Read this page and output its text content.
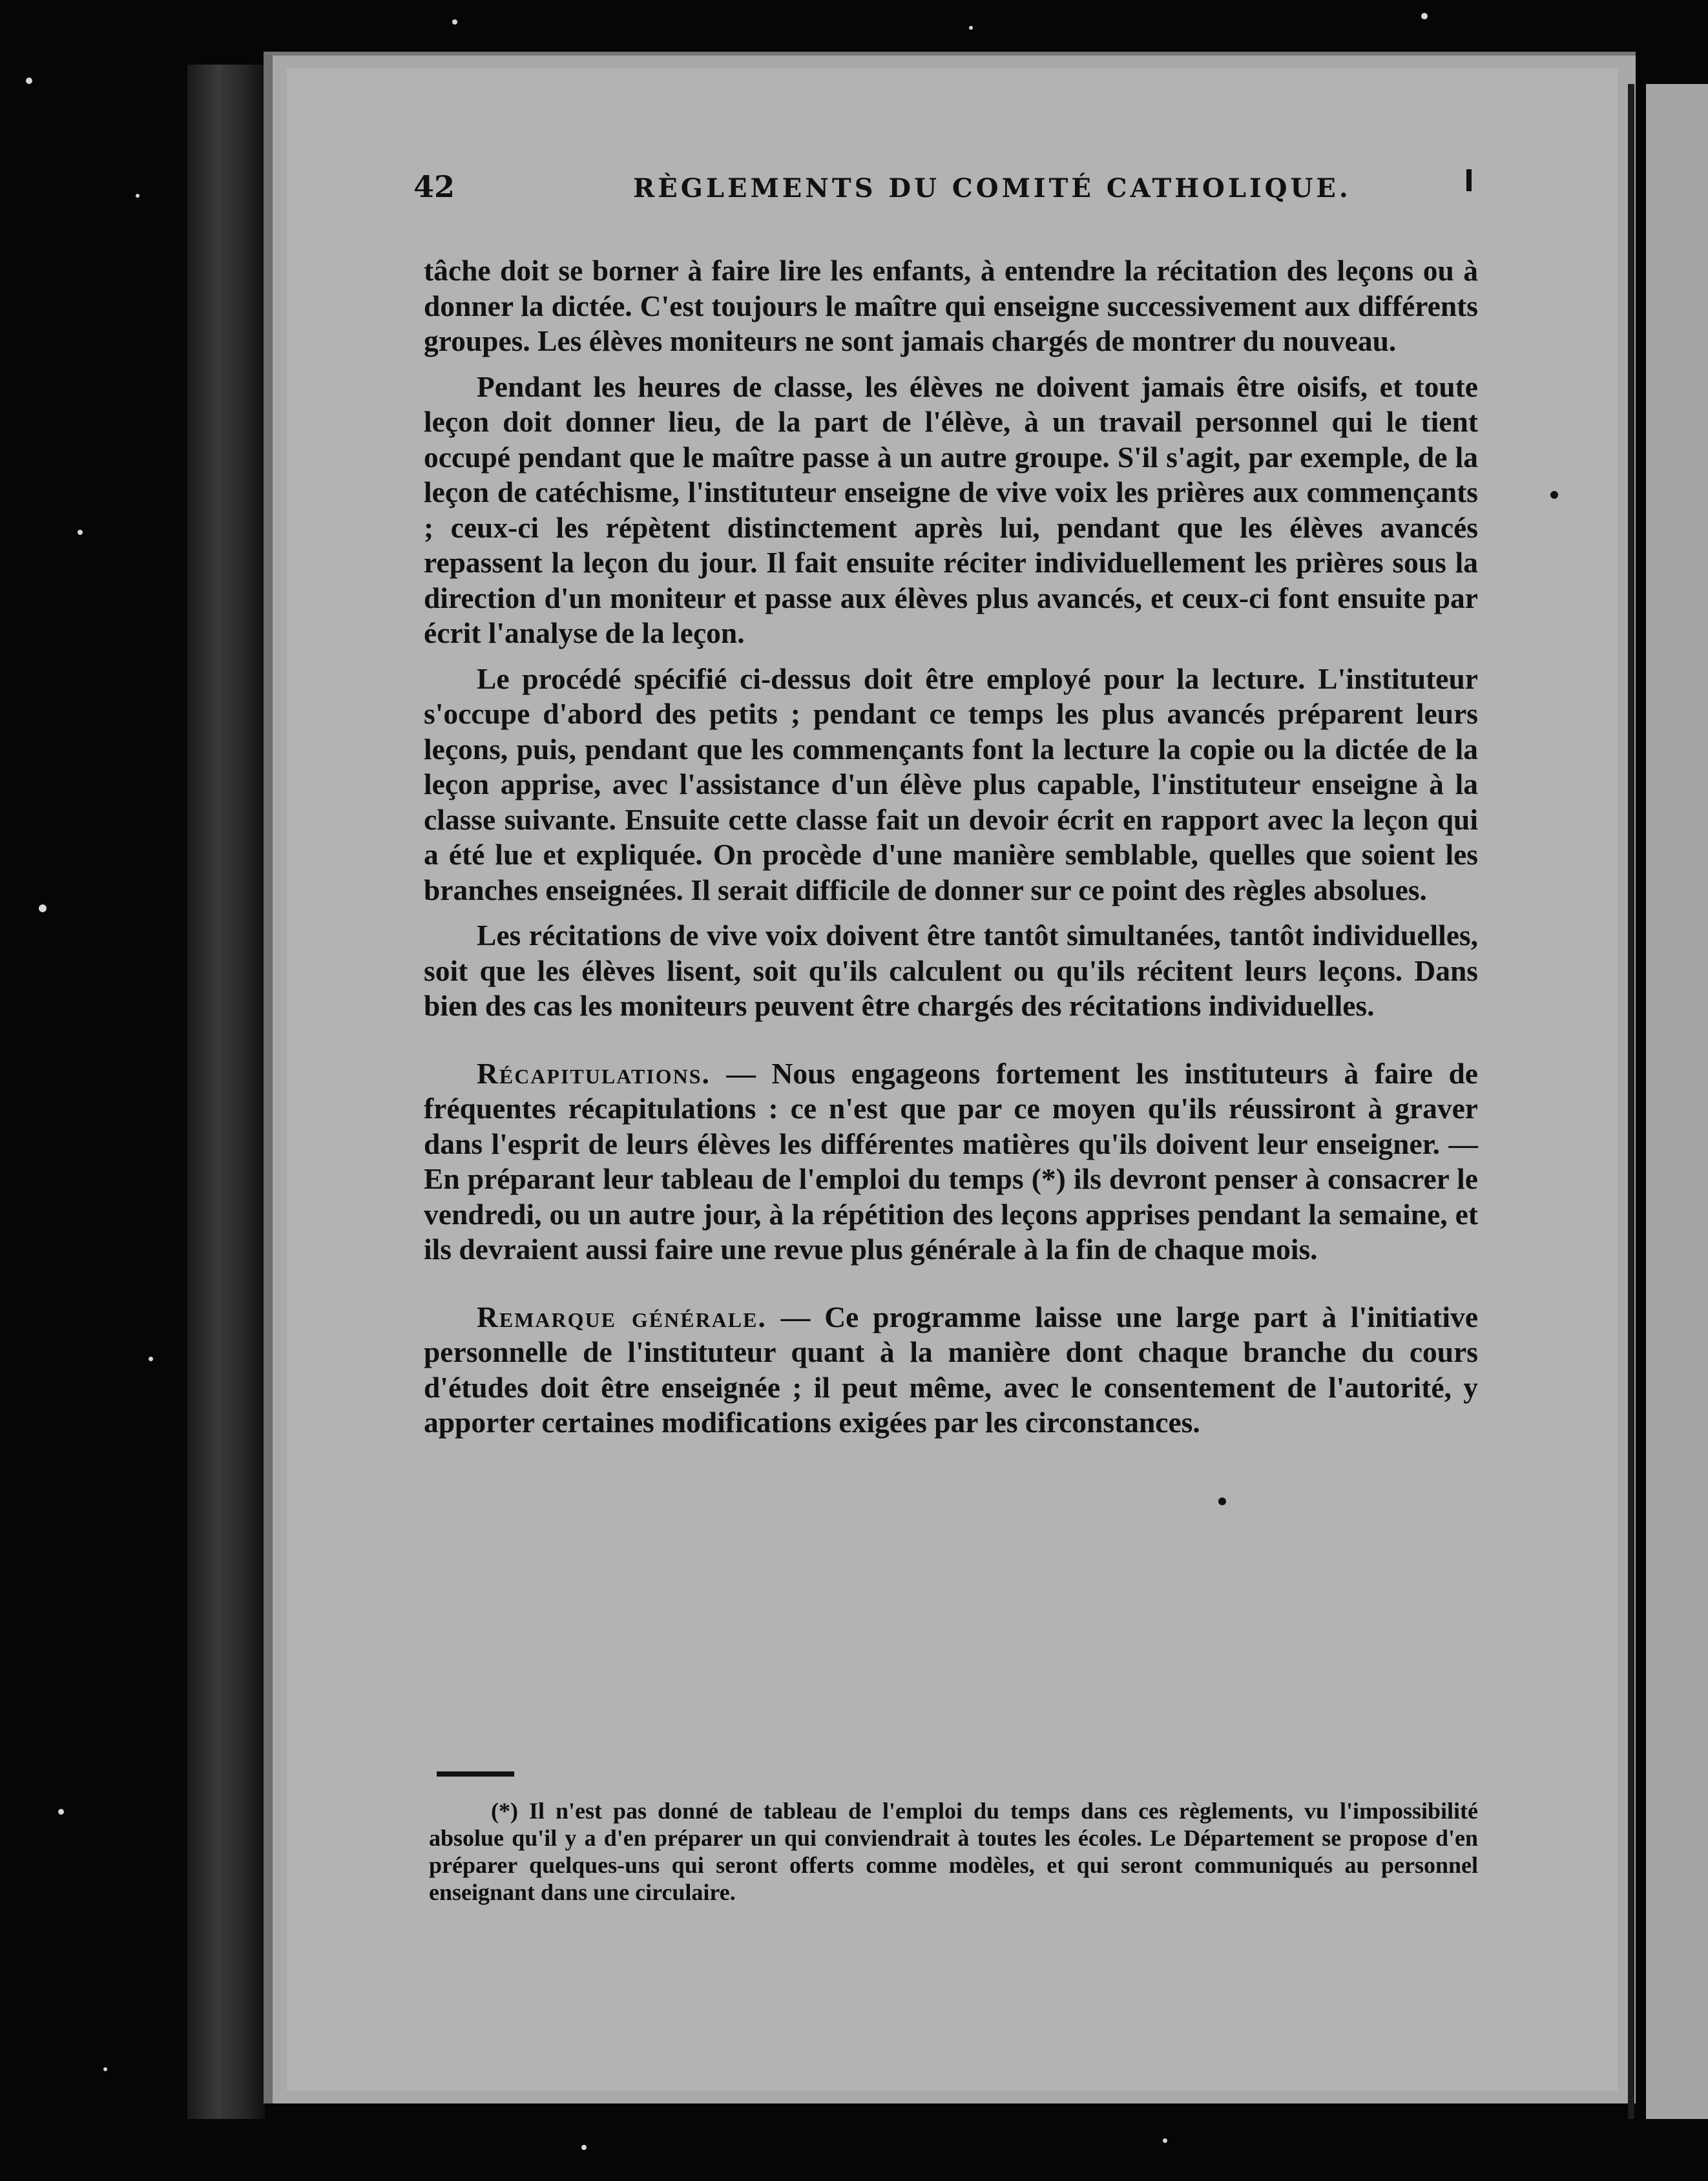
42	RÈGLEMENTS DU COMITÉ CATHOLIQUE.

tâche doit se borner à faire lire les enfants, à entendre la récitation des leçons ou à donner la dictée. C'est toujours le maître qui enseigne successivement aux différents groupes. Les élèves moniteurs ne sont jamais chargés de montrer du nouveau.

Pendant les heures de classe, les élèves ne doivent jamais être oisifs, et toute leçon doit donner lieu, de la part de l'élève, à un travail personnel qui le tient occupé pendant que le maître passe à un autre groupe. S'il s'agit, par exemple, de la leçon de catéchisme, l'instituteur enseigne de vive voix les prières aux commençants ; ceux-ci les répètent distinctement après lui, pendant que les élèves avancés repassent la leçon du jour. Il fait ensuite réciter individuellement les prières sous la direction d'un moniteur et passe aux élèves plus avancés, et ceux-ci font ensuite par écrit l'analyse de la leçon.

Le procédé spécifié ci-dessus doit être employé pour la lecture. L'instituteur s'occupe d'abord des petits ; pendant ce temps les plus avancés préparent leurs leçons, puis, pendant que les commençants font la lecture la copie ou la dictée de la leçon apprise, avec l'assistance d'un élève plus capable, l'instituteur enseigne à la classe suivante. Ensuite cette classe fait un devoir écrit en rapport avec la leçon qui a été lue et expliquée. On procède d'une manière semblable, quelles que soient les branches enseignées. Il serait difficile de donner sur ce point des règles absolues.

Les récitations de vive voix doivent être tantôt simultanées, tantôt individuelles, soit que les élèves lisent, soit qu'ils calculent ou qu'ils récitent leurs leçons. Dans bien des cas les moniteurs peuvent être chargés des récitations individuelles.

Récapitulations. — Nous engageons fortement les instituteurs à faire de fréquentes récapitulations : ce n'est que par ce moyen qu'ils réussiront à graver dans l'esprit de leurs élèves les différentes matières qu'ils doivent leur enseigner. — En préparant leur tableau de l'emploi du temps (*) ils devront penser à consacrer le vendredi, ou un autre jour, à la répétition des leçons apprises pendant la semaine, et ils devraient aussi faire une revue plus générale à la fin de chaque mois.

Remarque générale. — Ce programme laisse une large part à l'initiative personnelle de l'instituteur quant à la manière dont chaque branche du cours d'études doit être enseignée ; il peut même, avec le consentement de l'autorité, y apporter certaines modifications exigées par les circonstances.

(*) Il n'est pas donné de tableau de l'emploi du temps dans ces règlements, vu l'impossibilité absolue qu'il y a d'en préparer un qui conviendrait à toutes les écoles. Le Département se propose d'en préparer quelques-uns qui seront offerts comme modèles, et qui seront communiqués au personnel enseignant dans une circulaire.
